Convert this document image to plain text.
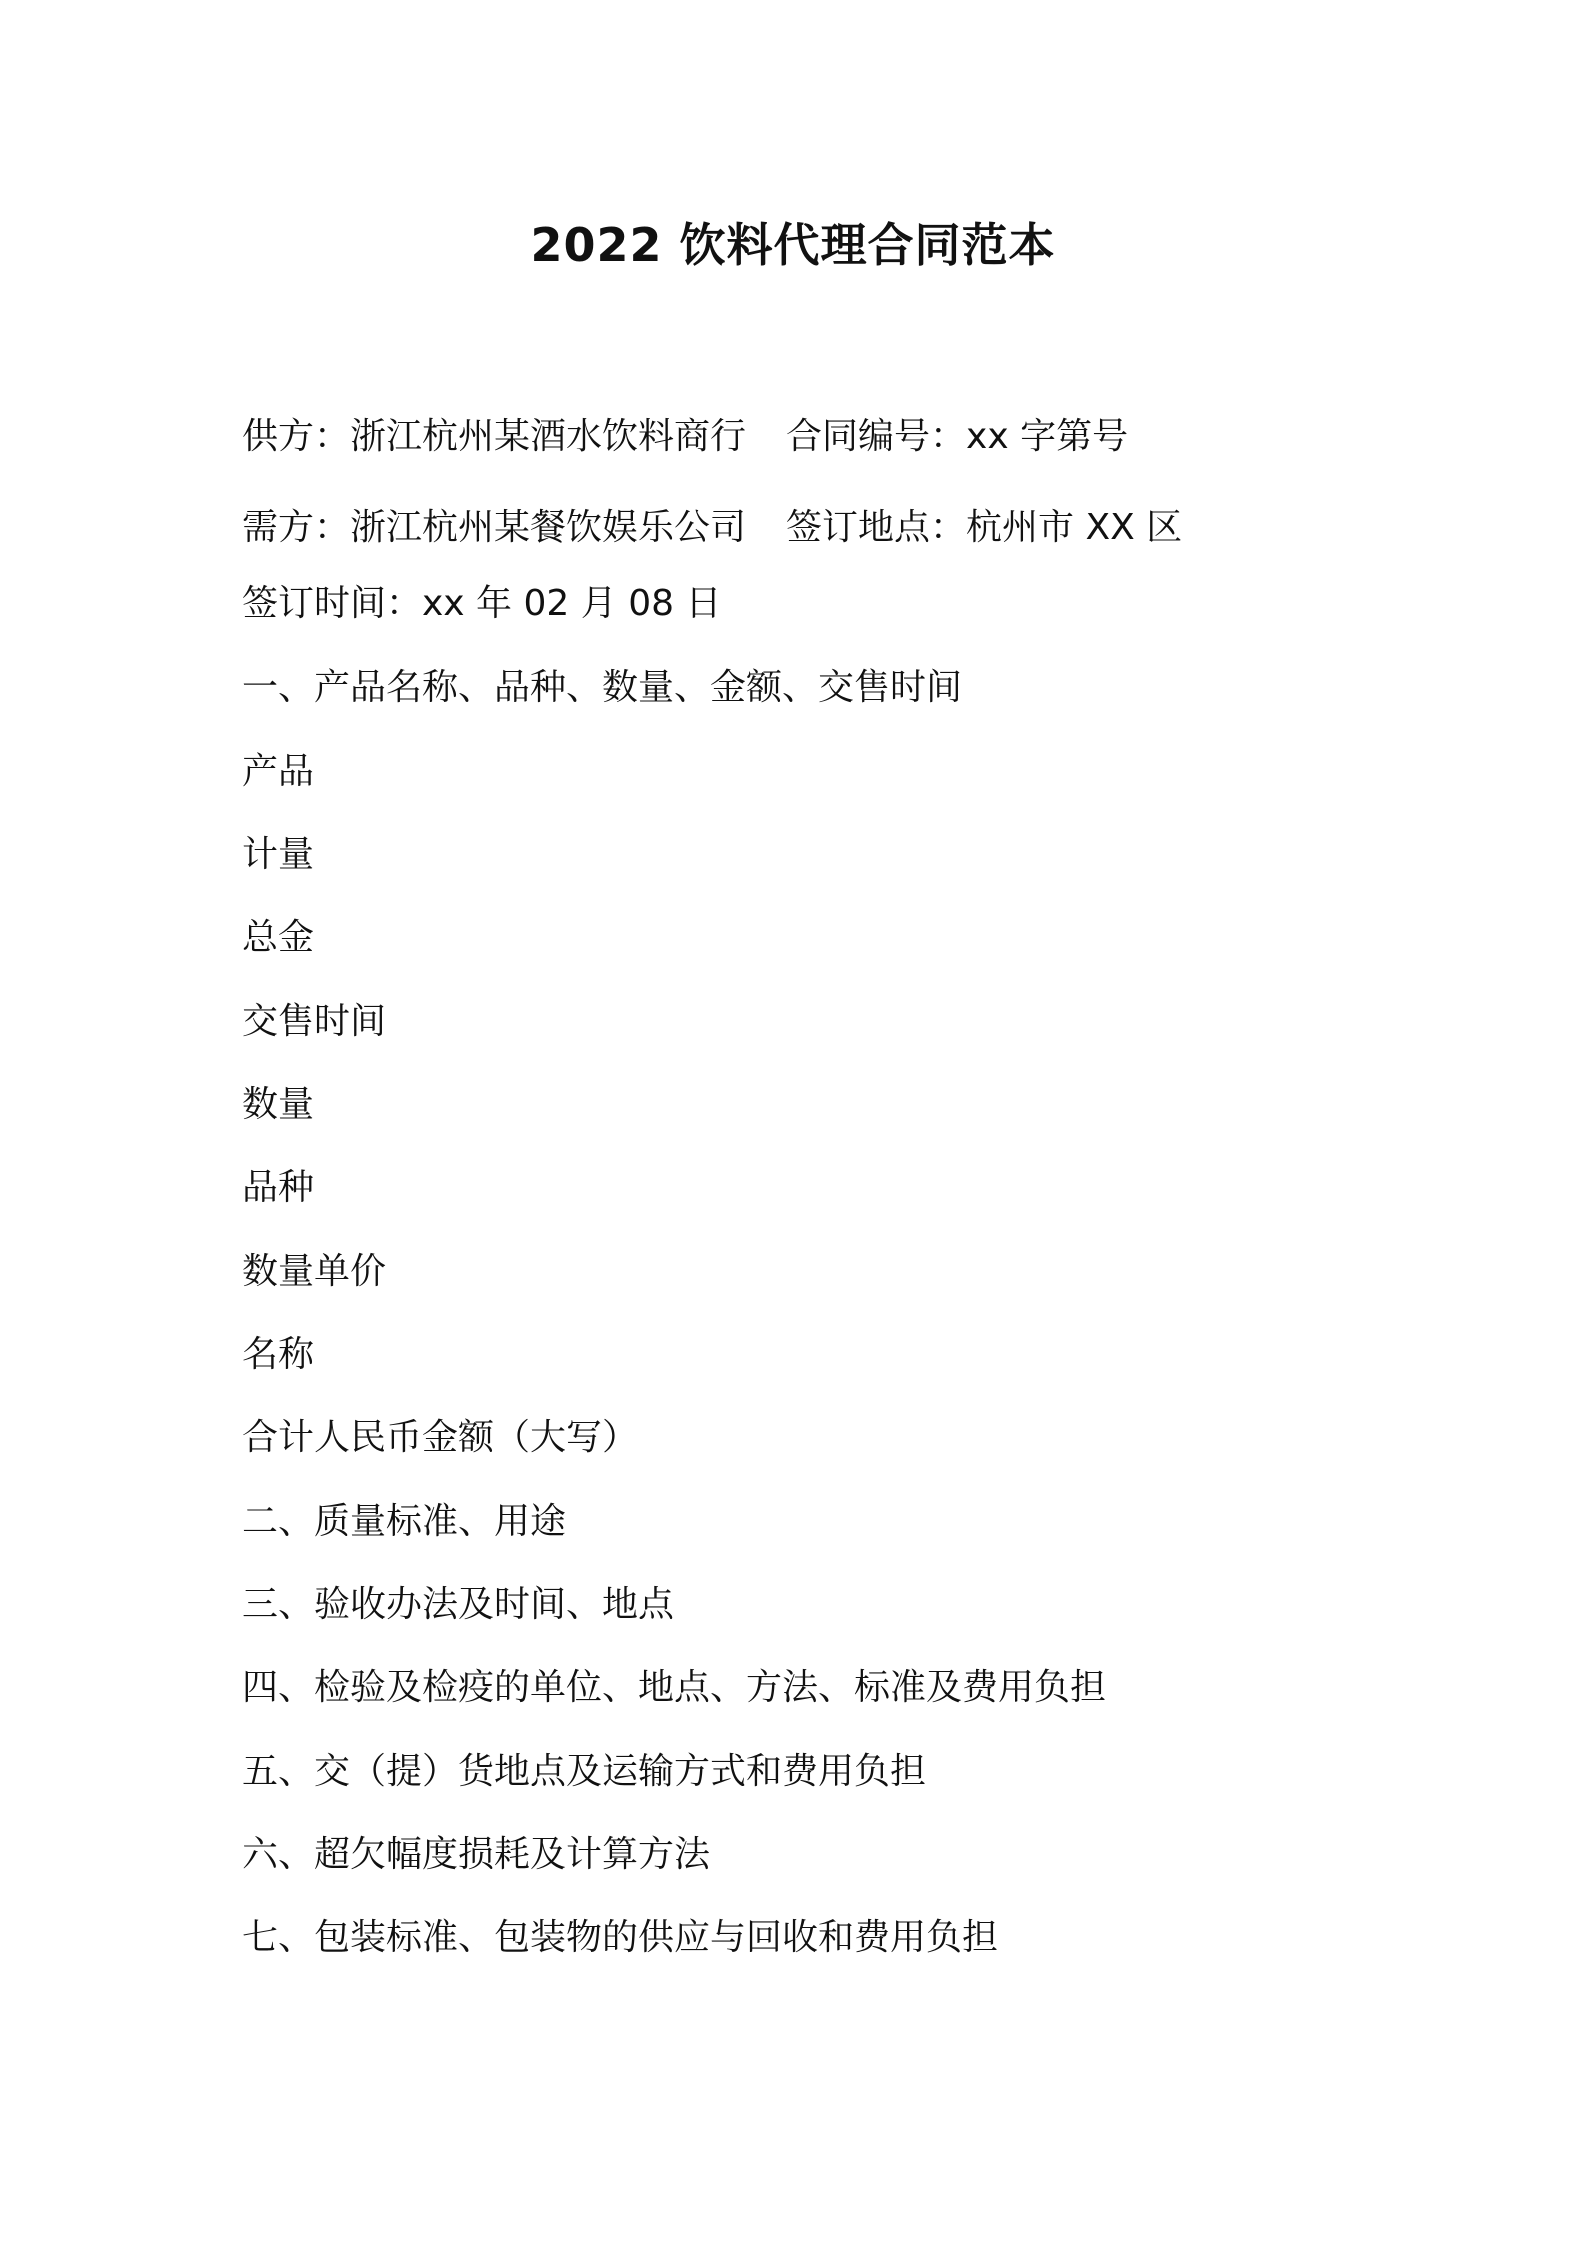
2022 饮料代理合同范本
供方：浙江杭州某酒水饮料商行 合同编号：xx 字第号
需方：浙江杭州某餐饮娱乐公司 签订地点：杭州市 XX 区
签订时间：xx 年 02 月 08 日
一、产品名称、品种、数量、金额、交售时间
产品
计量
总金
交售时间
数量
品种
数量单价
名称
合计人民币金额（大写）
二、质量标准、用途
三、验收办法及时间、地点
四、检验及检疫的单位、地点、方法、标准及费用负担
五、交（提）货地点及运输方式和费用负担
六、超欠幅度损耗及计算方法
七、包装标准、包装物的供应与回收和费用负担
